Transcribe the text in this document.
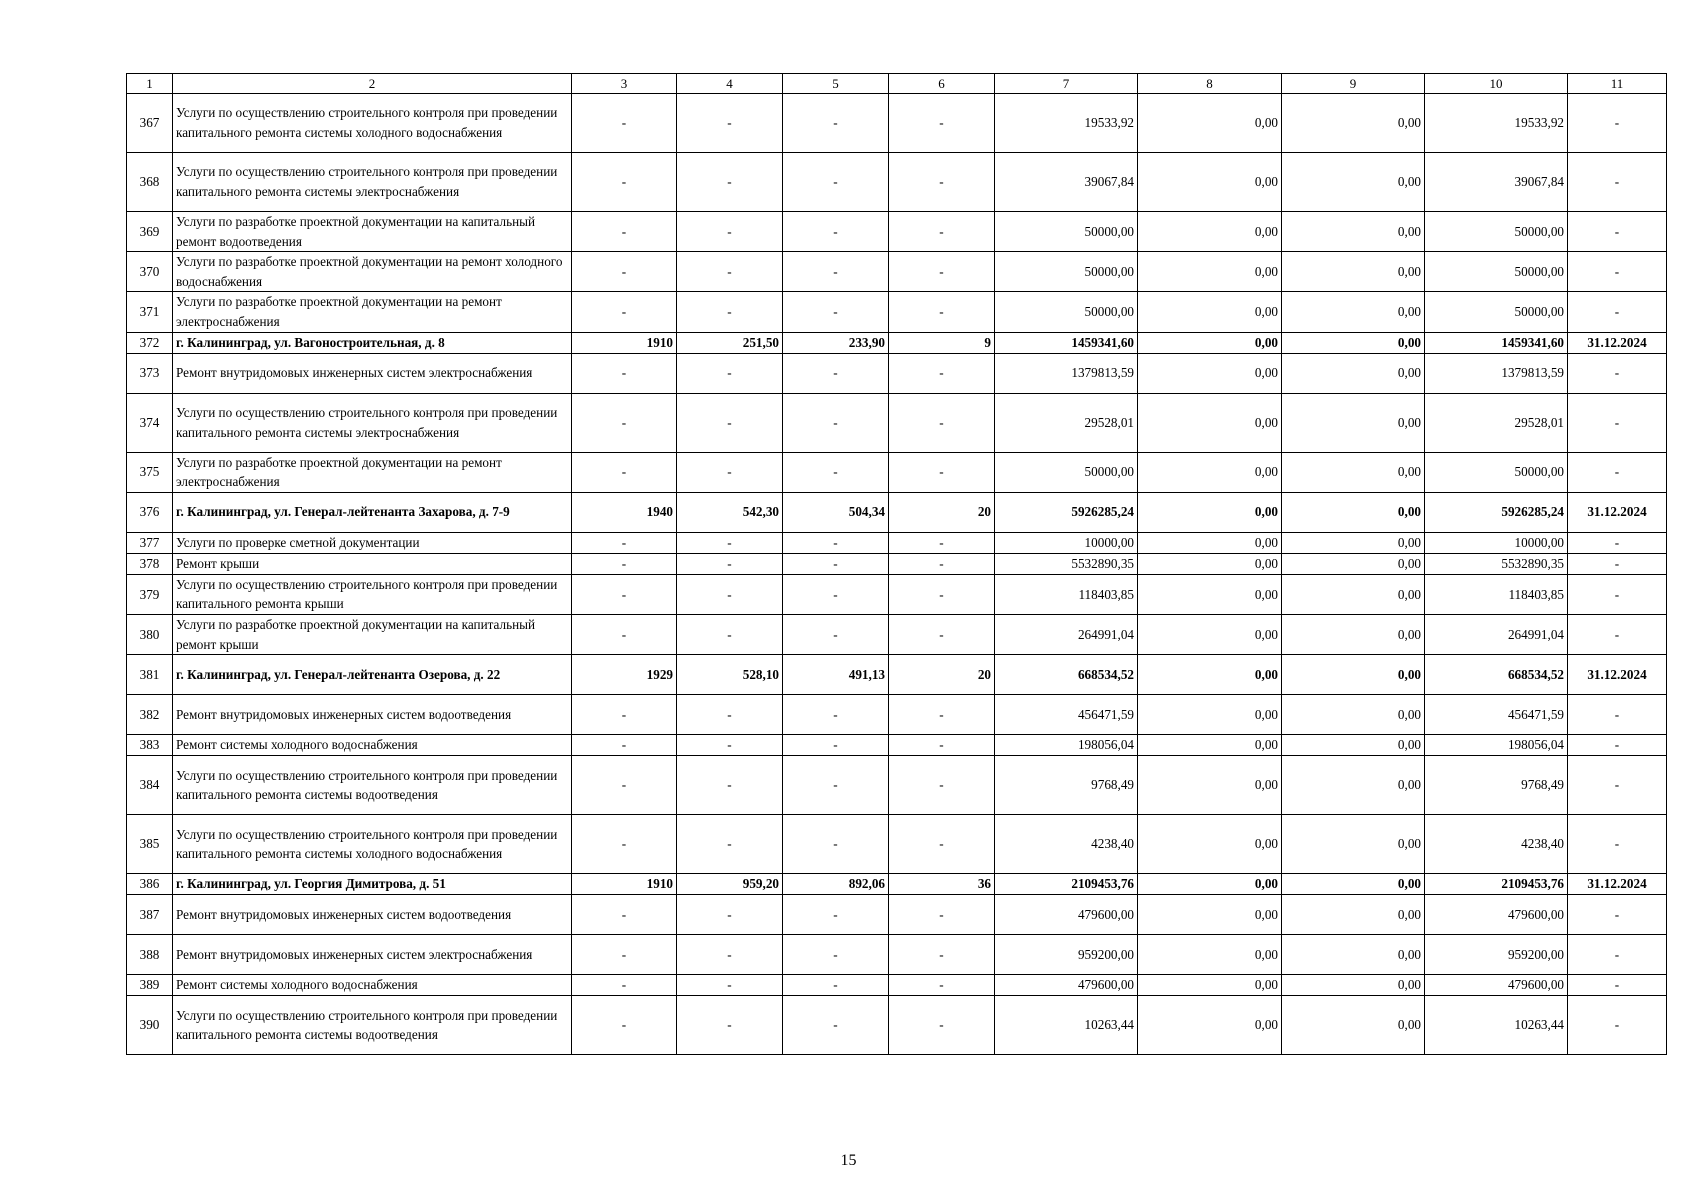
1	2	3	4	5	6	7	8	9	10	11
367	Услуги по осуществлению строительного контроля при проведении капитального ремонта системы холодного водоснабжения	-	-	-	-	19533,92	0,00	0,00	19533,92	-
368	Услуги по осуществлению строительного контроля при проведении капитального ремонта системы электроснабжения	-	-	-	-	39067,84	0,00	0,00	39067,84	-
369	Услуги по разработке проектной документации на капитальный ремонт водоотведения	-	-	-	-	50000,00	0,00	0,00	50000,00	-
370	Услуги по разработке проектной документации на ремонт холодного водоснабжения	-	-	-	-	50000,00	0,00	0,00	50000,00	-
371	Услуги по разработке проектной документации на ремонт электроснабжения	-	-	-	-	50000,00	0,00	0,00	50000,00	-
372	г. Калининград, ул. Вагоностроительная, д. 8	1910	251,50	233,90	9	1459341,60	0,00	0,00	1459341,60	31.12.2024
373	Ремонт внутридомовых инженерных систем электроснабжения	-	-	-	-	1379813,59	0,00	0,00	1379813,59	-
374	Услуги по осуществлению строительного контроля при проведении капитального ремонта системы электроснабжения	-	-	-	-	29528,01	0,00	0,00	29528,01	-
375	Услуги по разработке проектной документации на ремонт электроснабжения	-	-	-	-	50000,00	0,00	0,00	50000,00	-
376	г. Калининград, ул. Генерал-лейтенанта Захарова, д. 7-9	1940	542,30	504,34	20	5926285,24	0,00	0,00	5926285,24	31.12.2024
377	Услуги по проверке сметной документации	-	-	-	-	10000,00	0,00	0,00	10000,00	-
378	Ремонт крыши	-	-	-	-	5532890,35	0,00	0,00	5532890,35	-
379	Услуги по осуществлению строительного контроля при проведении капитального ремонта крыши	-	-	-	-	118403,85	0,00	0,00	118403,85	-
380	Услуги по разработке проектной документации на капитальный ремонт крыши	-	-	-	-	264991,04	0,00	0,00	264991,04	-
381	г. Калининград, ул. Генерал-лейтенанта Озерова, д. 22	1929	528,10	491,13	20	668534,52	0,00	0,00	668534,52	31.12.2024
382	Ремонт внутридомовых инженерных систем водоотведения	-	-	-	-	456471,59	0,00	0,00	456471,59	-
383	Ремонт системы холодного водоснабжения	-	-	-	-	198056,04	0,00	0,00	198056,04	-
384	Услуги по осуществлению строительного контроля при проведении капитального ремонта системы водоотведения	-	-	-	-	9768,49	0,00	0,00	9768,49	-
385	Услуги по осуществлению строительного контроля при проведении капитального ремонта системы холодного водоснабжения	-	-	-	-	4238,40	0,00	0,00	4238,40	-
386	г. Калининград, ул. Георгия Димитрова, д. 51	1910	959,20	892,06	36	2109453,76	0,00	0,00	2109453,76	31.12.2024
387	Ремонт внутридомовых инженерных систем водоотведения	-	-	-	-	479600,00	0,00	0,00	479600,00	-
388	Ремонт внутридомовых инженерных систем электроснабжения	-	-	-	-	959200,00	0,00	0,00	959200,00	-
389	Ремонт системы холодного водоснабжения	-	-	-	-	479600,00	0,00	0,00	479600,00	-
390	Услуги по осуществлению строительного контроля при проведении капитального ремонта системы водоотведения	-	-	-	-	10263,44	0,00	0,00	10263,44	-
15
